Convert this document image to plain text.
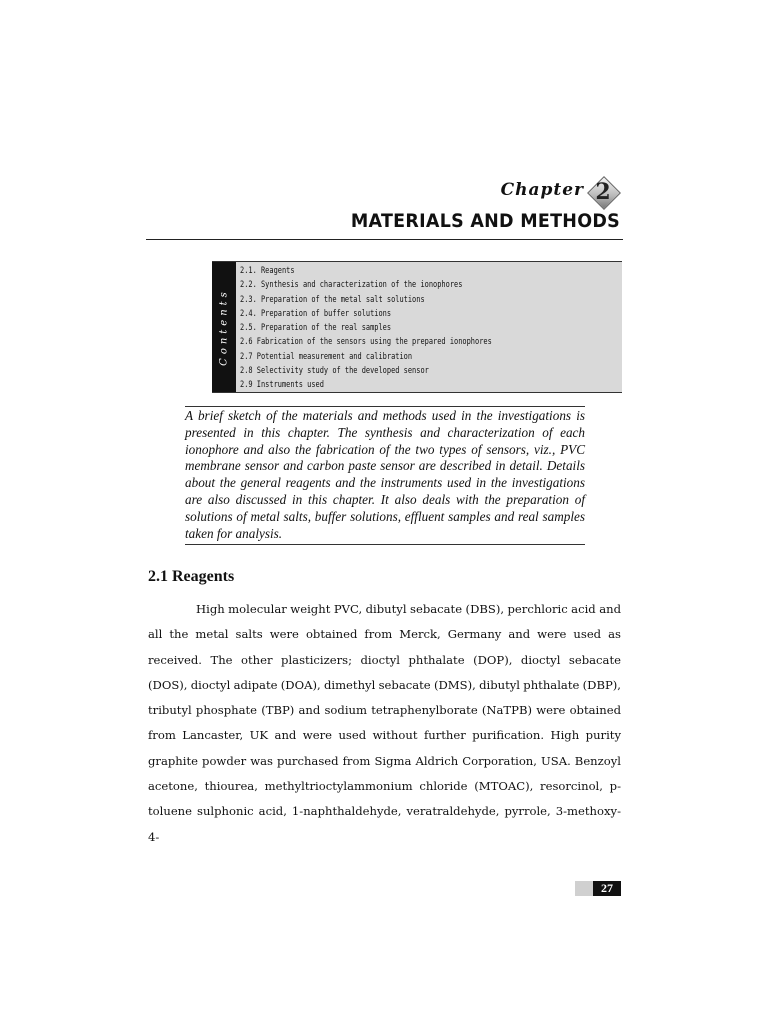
Chapter 2
MATERIALS AND METHODS
Contents
2.1. Reagents
2.2. Synthesis and characterization of the ionophores
2.3. Preparation of the metal salt solutions
2.4. Preparation of buffer solutions
2.5. Preparation of the real samples
2.6 Fabrication of the sensors using the prepared ionophores
2.7 Potential measurement and calibration
2.8 Selectivity study of the developed sensor
2.9 Instruments used

A brief sketch of the materials and methods used in the investigations is presented in this chapter. The synthesis and characterization of each ionophore and also the fabrication of the two types of sensors, viz., PVC membrane sensor and carbon paste sensor are described in detail. Details about the general reagents and the instruments used in the investigations are also discussed in this chapter. It also deals with the preparation of solutions of metal salts, buffer solutions, effluent samples and real samples taken for analysis.

2.1 Reagents

High molecular weight PVC, dibutyl sebacate (DBS), perchloric acid and all the metal salts were obtained from Merck, Germany and were used as received. The other plasticizers; dioctyl phthalate (DOP), dioctyl sebacate (DOS), dioctyl adipate (DOA), dimethyl sebacate (DMS), dibutyl phthalate (DBP), tributyl phosphate (TBP) and sodium tetraphenylborate (NaTPB) were obtained from Lancaster, UK and were used without further purification. High purity graphite powder was purchased from Sigma Aldrich Corporation, USA. Benzoyl acetone, thiourea, methyltrioctylammonium chloride (MTOAC), resorcinol, p-toluene sulphonic acid, 1-naphthaldehyde, veratraldehyde, pyrrole, 3-methoxy-4-

27
